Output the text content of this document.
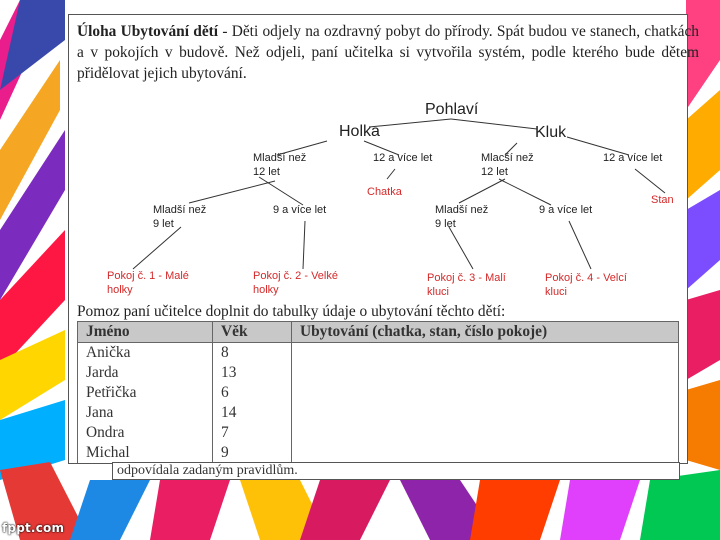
Úloha Ubytování dětí - Děti odjely na ozdravný pobyt do přírody. Spát budou ve stanech, chatkách a v pokojích v budově. Než odjeli, paní učitelka si vytvořila systém, podle kterého bude dětem přidělovat jejich ubytování.
Pohlaví
Holka	Kluk
Mladší než
12 let
12 a více let
Chatka
Mlacší než
12 let
12 a více let
Stan
Mladší než
9 let
9 a více let	Mladší než
9 let
9 a více let
Pokoj č. 1 - Malé
holky
Pokoj č. 2 - Velké
holky
Pokoj č. 3 - Malí
kluci
Pokoj č. 4 - Velcí
kluci
Pomoz paní učitelce doplnit do tabulky údaje o ubytování těchto dětí:
Jméno	Věk	Ubytování (chatka, stan, číslo pokoje)
Anička	8	
Jarda	13	
Petřička	6	
Jana	14	
Ondra	7	
Michal	9	
odpovídala zadaným pravidlům.
fppt.com
